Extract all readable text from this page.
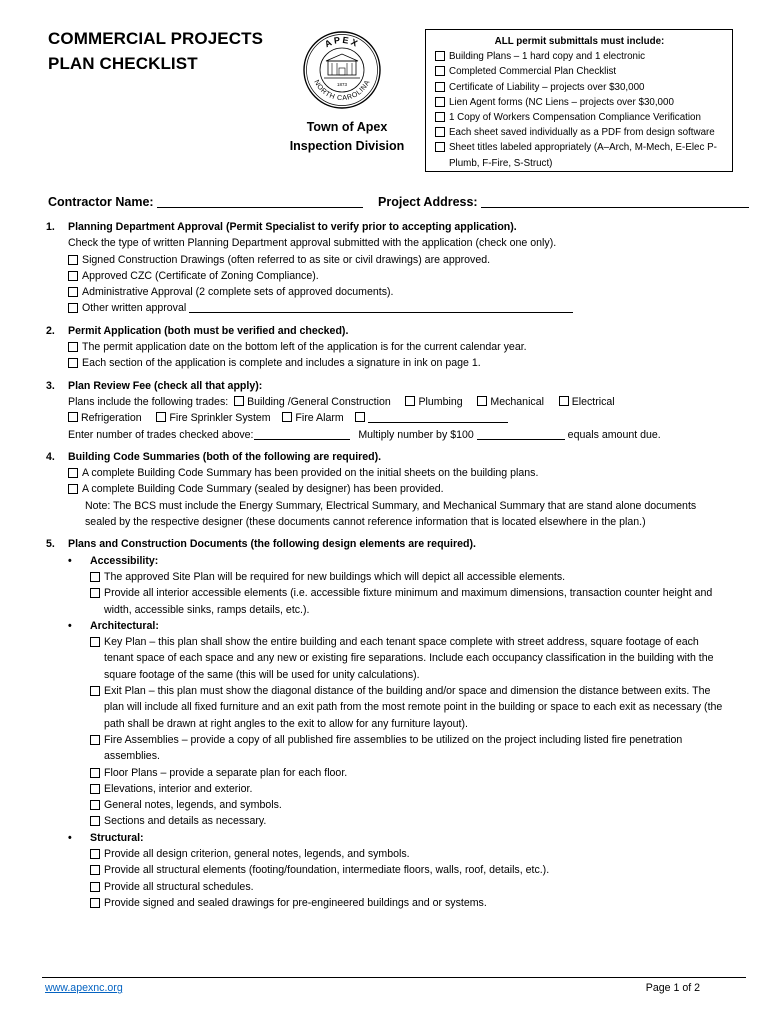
COMMERCIAL PROJECTS
PLAN CHECKLIST
APEX
NORTH CAROLINA
1873
Town of Apex
Inspection Division
ALL permit submittals must include:
Building Plans – 1 hard copy and 1 electronic
Completed Commercial Plan Checklist
Certificate of Liability – projects over $30,000
Lien Agent forms (NC Liens – projects over $30,000
1 Copy of Workers Compensation Compliance Verification
Each sheet saved individually as a PDF from design software
Sheet titles labeled appropriately (A–Arch, M-Mech, E-Elec P-Plumb, F-Fire, S-Struct)
Contractor Name:	Project Address:
1. Planning Department Approval (Permit Specialist to verify prior to accepting application).
Check the type of written Planning Department approval submitted with the application (check one only).
Signed Construction Drawings (often referred to as site or civil drawings) are approved.
Approved CZC (Certificate of Zoning Compliance).
Administrative Approval (2 complete sets of approved documents).
Other written approval
2. Permit Application (both must be verified and checked).
The permit application date on the bottom left of the application is for the current calendar year.
Each section of the application is complete and includes a signature in ink on page 1.
3. Plan Review Fee (check all that apply):
Plans include the following trades: Building /General Construction	Plumbing	Mechanical	Electrical
Refrigeration	Fire Sprinkler System Fire Alarm
Enter number of trades checked above:	Multiply number by $100	equals amount due.
4. Building Code Summaries (both of the following are required).
A complete Building Code Summary has been provided on the initial sheets on the building plans.
A complete Building Code Summary (sealed by designer) has been provided.
Note: The BCS must include the Energy Summary, Electrical Summary, and Mechanical Summary that are stand alone documents sealed by the respective designer (these documents cannot reference information that is located elsewhere in the plan.)
5. Plans and Construction Documents (the following design elements are required).
• Accessibility:
The approved Site Plan will be required for new buildings which will depict all accessible elements.
Provide all interior accessible elements (i.e. accessible fixture minimum and maximum dimensions, transaction counter height and width, accessible sinks, ramps details, etc.).
• Architectural:
Key Plan – this plan shall show the entire building and each tenant space complete with street address, square footage of each tenant space of each space and any new or existing fire separations. Include each occupancy classification in the building with the square footage of the same (this will be used for unity calculations).
Exit Plan – this plan must show the diagonal distance of the building and/or space and dimension the distance between exits. The plan will include all fixed furniture and an exit path from the most remote point in the building or space to each exit as necessary (the path shall be drawn at right angles to the exit to allow for any furniture layout).
Fire Assemblies – provide a copy of all published fire assemblies to be utilized on the project including listed fire penetration assemblies.
Floor Plans – provide a separate plan for each floor.
Elevations, interior and exterior.
General notes, legends, and symbols.
Sections and details as necessary.
• Structural:
Provide all design criterion, general notes, legends, and symbols.
Provide all structural elements (footing/foundation, intermediate floors, walls, roof, details, etc.).
Provide all structural schedules.
Provide signed and sealed drawings for pre-engineered buildings and or systems.
www.apexnc.org	Page 1 of 2
